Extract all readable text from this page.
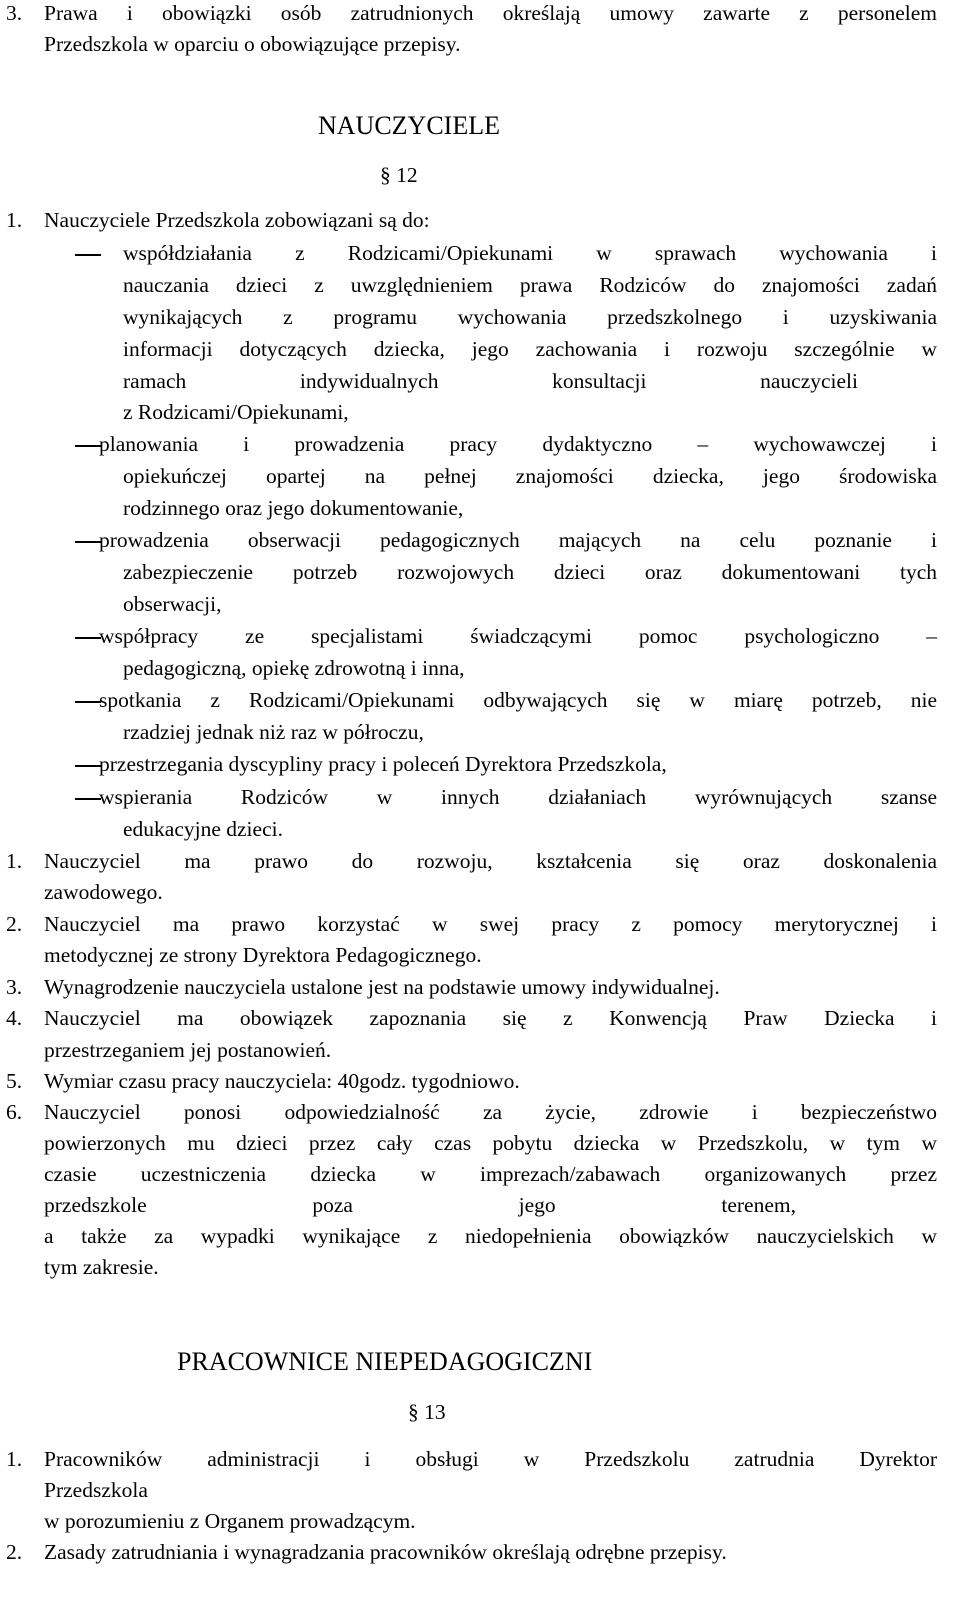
3. Prawa i obowiązki osób zatrudnionych określają umowy zawarte z personelem
Przedszkola w oparciu o obowiązujące przepisy.
NAUCZYCIELE
§ 12
1. Nauczyciele Przedszkola zobowiązani są do:
współdziałania z Rodzicami/Opiekunami w sprawach wychowania i
nauczania dzieci z uwzględnieniem prawa Rodziców do znajomości zadań
wynikających z programu wychowania przedszkolnego i uzyskiwania
informacji dotyczących dziecka, jego zachowania i rozwoju szczególnie w
ramach indywidualnych konsultacji nauczycieli
z Rodzicami/Opiekunami,
planowania i prowadzenia pracy dydaktyczno – wychowawczej i
opiekuńczej opartej na pełnej znajomości dziecka, jego środowiska
rodzinnego oraz jego dokumentowanie,
prowadzenia obserwacji pedagogicznych mających na celu poznanie i
zabezpieczenie potrzeb rozwojowych dzieci oraz dokumentowani tych
obserwacji,
współpracy ze specjalistami świadczącymi pomoc psychologiczno –
pedagogiczną, opiekę zdrowotną i inna,
spotkania z Rodzicami/Opiekunami odbywających się w miarę potrzeb, nie
rzadziej jednak niż raz w półroczu,
przestrzegania dyscypliny pracy i poleceń Dyrektora Przedszkola,
wspierania Rodziców w innych działaniach wyrównujących szanse
edukacyjne dzieci.
1.	Nauczyciel ma prawo do rozwoju, kształcenia się oraz doskonalenia
zawodowego.
2.	Nauczyciel ma prawo korzystać w swej pracy z pomocy merytorycznej i
metodycznej ze strony Dyrektora Pedagogicznego.
3.	Wynagrodzenie nauczyciela ustalone jest na podstawie umowy indywidualnej.
4.	Nauczyciel ma obowiązek zapoznania się z Konwencją Praw Dziecka i
przestrzeganiem jej postanowień.
5.	Wymiar czasu pracy nauczyciela: 40godz. tygodniowo.
6.	Nauczyciel ponosi odpowiedzialność za życie, zdrowie i bezpieczeństwo
powierzonych mu dzieci przez cały czas pobytu dziecka w Przedszkolu, w tym w
czasie uczestniczenia dziecka w imprezach/zabawach organizowanych przez
przedszkole poza jego terenem,
a także za wypadki wynikające z niedopełnienia obowiązków nauczycielskich w
tym zakresie.
PRACOWNICE NIEPEDAGOGICZNI
§ 13
1.	Pracowników administracji i obsługi w Przedszkolu zatrudnia Dyrektor
Przedszkola
w porozumieniu z Organem prowadzącym.
2.	Zasady zatrudniania i wynagradzania pracowników określają odrębne przepisy.
